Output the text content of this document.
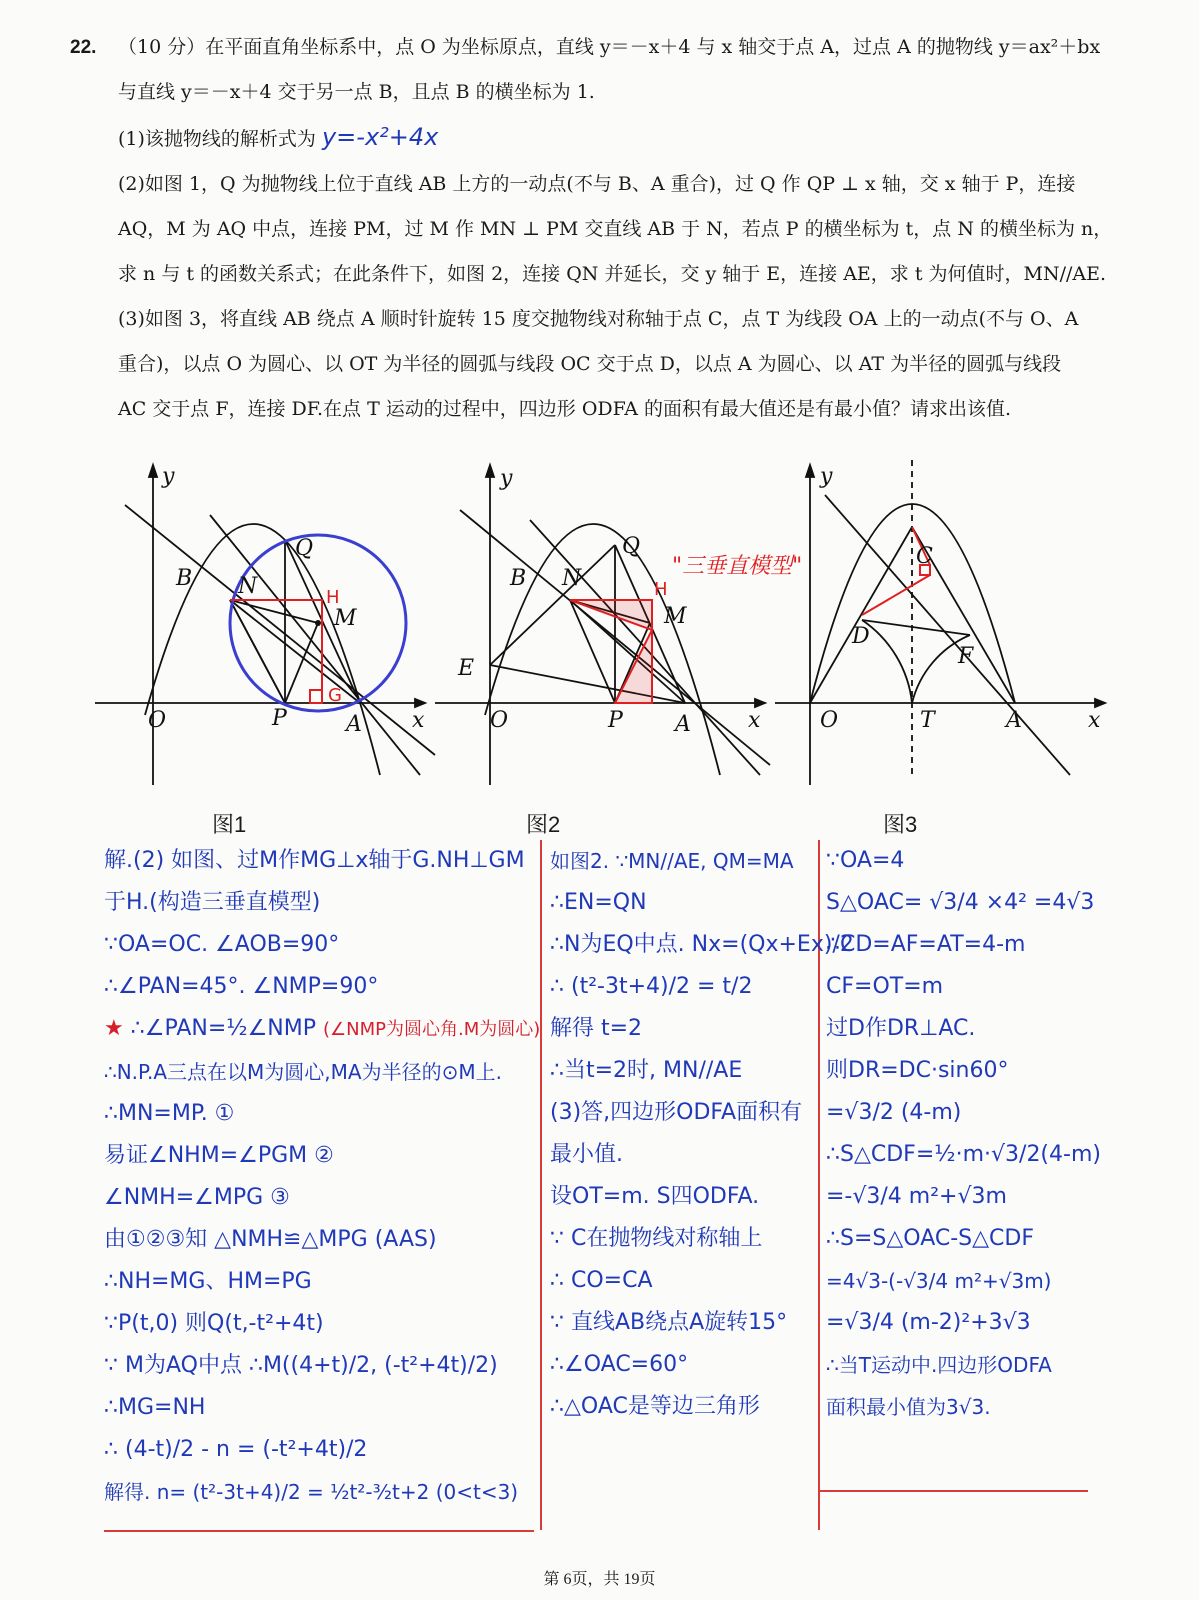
22.	（10 分）在平面直角坐标系中，点 O 为坐标原点，直线 y＝－x＋4 与 x 轴交于点 A，过点 A 的抛物线 y＝ax²＋bx

与直线 y＝－x＋4 交于另一点 B，且点 B 的横坐标为 1.

(1)该抛物线的解析式为 y=-x²+4x

(2)如图 1，Q 为抛物线上位于直线 AB 上方的一动点(不与 B、A 重合)，过 Q 作 QP ⊥ x 轴，交 x 轴于 P，连接

AQ，M 为 AQ 中点，连接 PM，过 M 作 MN ⊥ PM 交直线 AB 于 N，若点 P 的横坐标为 t，点 N 的横坐标为 n，

求 n 与 t 的函数关系式；在此条件下，如图 2，连接 QN 并延长，交 y 轴于 E，连接 AE，求 t 为何值时，MN//AE.

(3)如图 3，将直线 AB 绕点 A 顺时针旋转 15 度交抛物线对称轴于点 C，点 T 为线段 OA 上的一动点(不与 O、A

重合)，以点 O 为圆心、以 OT 为半径的圆弧与线段 OC 交于点 D，以点 A 为圆心、以 AT 为半径的圆弧与线段

AC 交于点 F，连接 DF.在点 T 运动的过程中，四边形 ODFA 的面积有最大值还是有最小值？请求出该值.

y
x
O	P	A
B N
Q
M
H
G
H
"三垂直模型"
y
x
O	P A
B N
Q
M
E
y
x
O	T	A
C
D
F
图1	图2	图3

解.(2) 如图、过M作MG⊥x轴于G.NH⊥GM

于H.(构造三垂直模型)

∵OA=OC. ∠AOB=90°

∴∠PAN=45°. ∠NMP=90°

★ ∴∠PAN=½∠NMP (∠NMP为圆心角.M为圆心)

∴N.P.A三点在以M为圆心,MA为半径的⊙M上.

∴MN=MP. ①

易证∠NHM=∠PGM ②

∠NMH=∠MPG ③

由①②③知 △NMH≌△MPG (AAS)

∴NH=MG、HM=PG

∵P(t,0) 则Q(t,-t²+4t)

∵ M为AQ中点 ∴M((4+t)/2, (-t²+4t)/2)

∴MG=NH

∴ (4-t)/2 - n = (-t²+4t)/2

解得. n= (t²-3t+4)/2 = ½t²-³⁄₂t+2 (0<t<3)

如图2. ∵MN//AE, QM=MA

∴EN=QN

∴N为EQ中点. Nx=(Qx+Ex)/2

∴ (t²-3t+4)/2 = t/2

解得 t=2

∴当t=2时, MN//AE

(3)答,四边形ODFA面积有

最小值.

设OT=m. S四ODFA.

∵ C在抛物线对称轴上

∴ CO=CA

∵ 直线AB绕点A旋转15°

∴∠OAC=60°

∴△OAC是等边三角形

∵OA=4

S△OAC= √3/4 ×4² =4√3

∴CD=AF=AT=4-m

CF=OT=m

过D作DR⊥AC.

则DR=DC·sin60°

=√3/2 (4-m)

∴S△CDF=½·m·√3/2(4-m)

=-√3/4 m²+√3m

∴S=S△OAC-S△CDF

=4√3-(-√3/4 m²+√3m)

=√3/4 (m-2)²+3√3

∴当T运动中.四边形ODFA

面积最小值为3√3.

第 6页，共 19页
